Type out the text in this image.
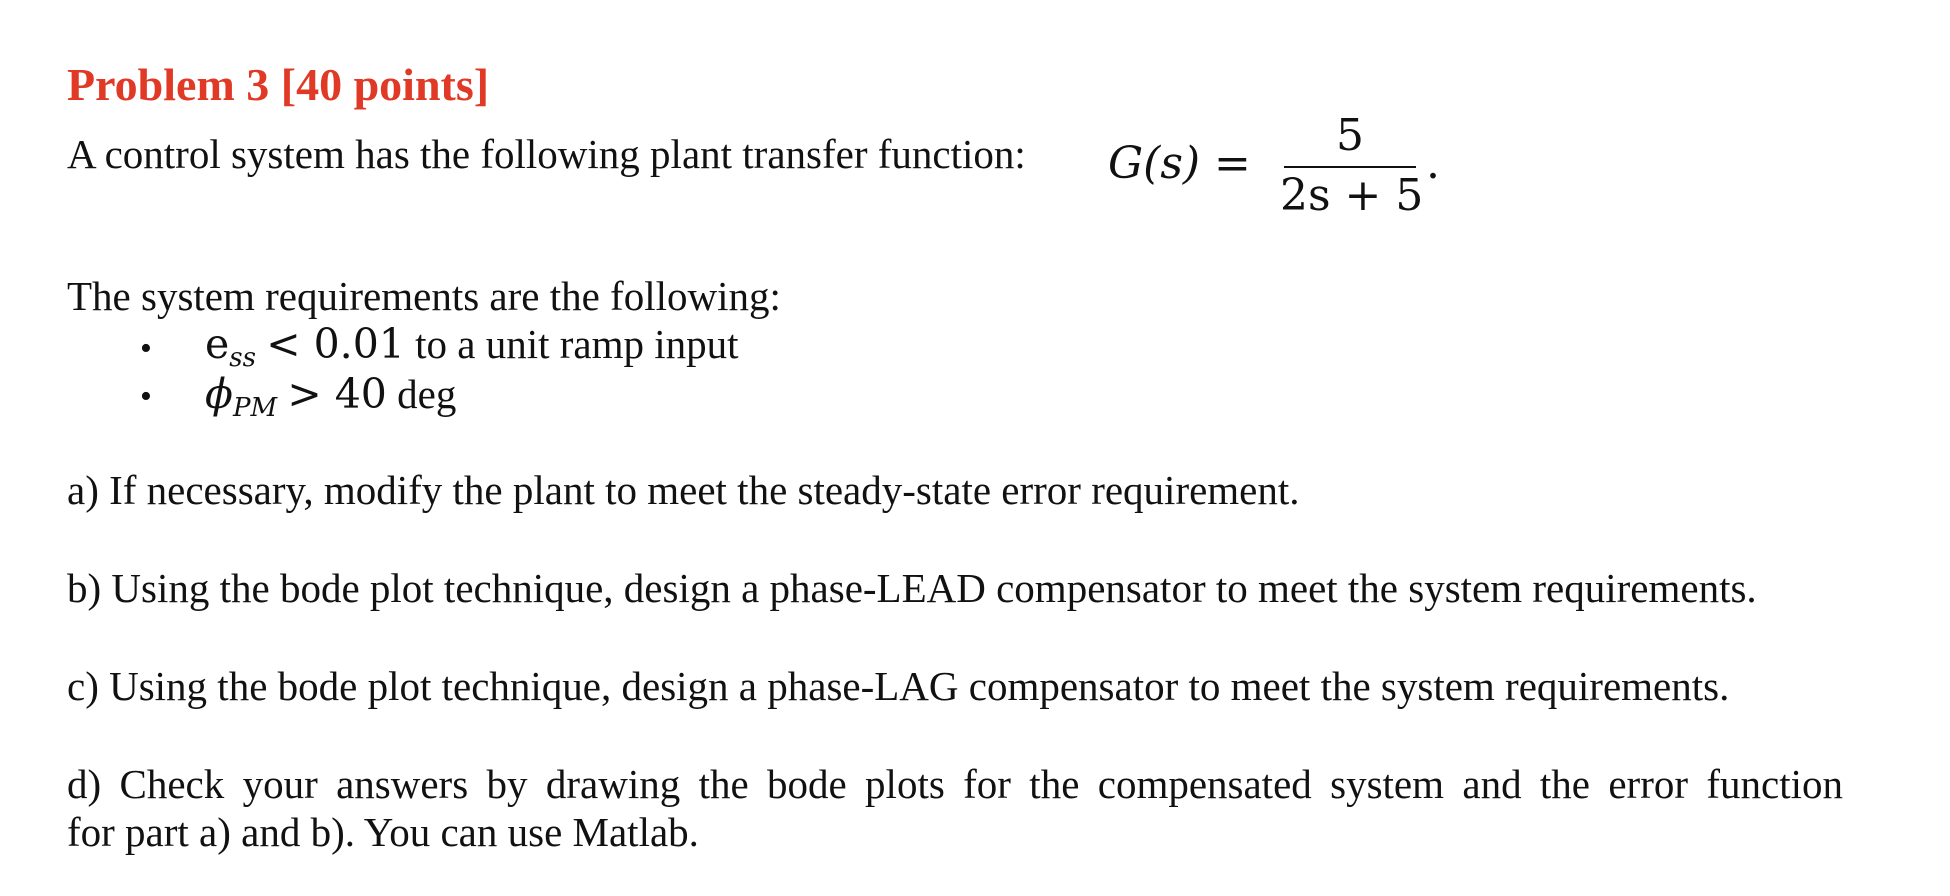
Problem 3 [40 points]
A control system has the following plant transfer function: G(s) =
5
2s + 5
.
The system requirements are the following:
• $e_{ss} < 0.01$ to a unit ramp input
• $\phi_{PM} > 40$ deg
a) If necessary, modify the plant to meet the steady-state error requirement.
b) Using the bode plot technique, design a phase-LEAD compensator to meet the system requirements.
c) Using the bode plot technique, design a phase-LAG compensator to meet the system requirements.
d) Check your answers by drawing the bode plots for the compensated system and the error function
for part a) and b). You can use Matlab.
